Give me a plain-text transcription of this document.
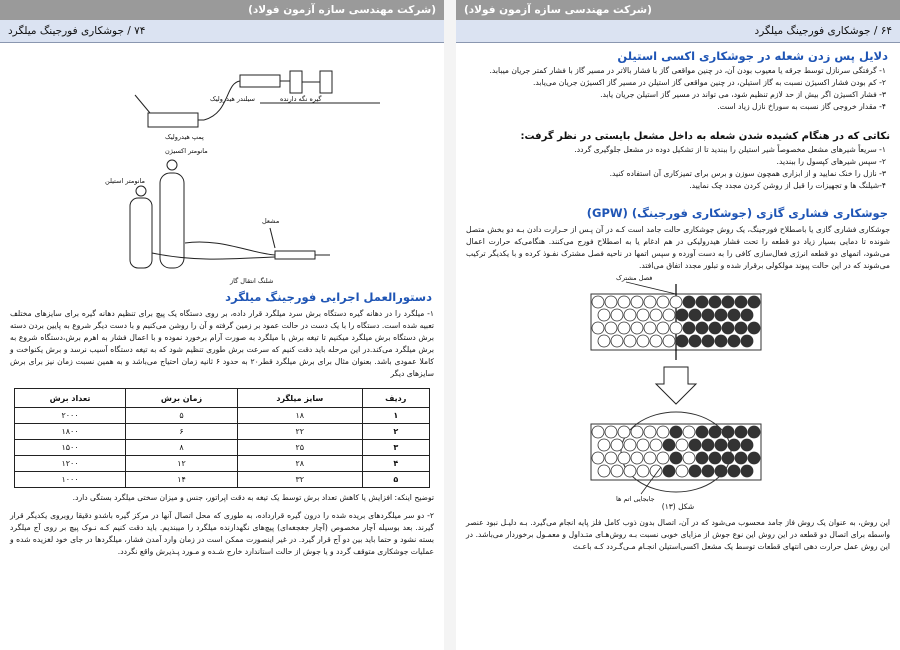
(شرکت مهندسی سازه آزمون فولاد)
۷۴ / جوشکاری فورجینگ میلگرد
پمپ هیدرولیک
سیلندر هیدرولیک	گیره نگه دارنده
مانومتر اکسیژن
مانومتر استیلن
مشعل
شلنگ انتقال گاز
دستورالعمل اجرایی فورجینگ میلگرد
۱- میلگرد را در دهانه گیره دستگاه برش سرد میلگرد قرار داده، بر روی دستگاه یک پیچ برای تنظیم دهانه گیره برای سایزهای مختلف تعبیه شده است. دستگاه را با یک دست در حالت عمود بر زمین گرفته و آن را روشن می‌کنیم و با دست دیگر شروع به پایین بردن دسته برش دستگاه برش میلگرد میکنیم تا تیغه برش با میلگرد به صورت آرام برخورد نموده و با اعمال فشار به اهرم برش،دستگاه شروع به برش میلگرد می‌کند.در این مرحله باید دقت کنیم که سرعت برش طوری تنظیم شود که به تیغه دستگاه آسیب نرسد و برش یکنواخت و کاملا عمودی باشد. بعنوان مثال برای برش میلگرد قطر۲۰ به حدود ۶ ثانیه زمان احتیاج می‌باشد و به همین نسبت زمان نیز برای برش سایزهای دیگر
ردیف	سایز میلگرد	زمان برش	تعداد برش
۱	۱۸	۵	۲۰۰۰
۲	۲۲	۶	۱۸۰۰
۳	۲۵	۸	۱۵۰۰
۴	۲۸	۱۲	۱۲۰۰
۵	۳۲	۱۴	۱۰۰۰
توضیح اینکه: افزایش یا کاهش تعداد برش توسط یک تیغه به دقت اپراتور، جنس و میزان سختی میلگرد بستگی دارد.
۲- دو سر میلگردهای بریده شده را درون گیره قرارداده، به طوری که محل اتصال آنها در مرکز گیره باشدو دقیقا روبروی یکدیگر قرار گیرند. بعد بوسیله آچار مخصوص (آچار جغجغه‌ای) پیچ‌های نگهدارنده میلگرد را میبندیم. باید دقت کنیم کـه نـوک پیچ بر روی آج میلگرد بسته نشود و حتما باید بین دو آج قرار گیرد. در غیر اینصورت ممکن است در زمان وارد آمدن فشار، میلگردها در جای خود لغزیده شده و عملیات جوشکاری متوقف گردد و یا جوش از حالت استاندارد خارج شـده و مـورد پـذیرش واقع نگردد.
(شرکت مهندسی سازه آزمون فولاد)
۶۴ / جوشکاری فورجینگ میلگرد
دلایل پس زدن شعله در جوشکاری اکسی استیلن
۱- گرفتگی سرنازل توسط جرقه یا معیوب بودن آن، در چنین مواقعی گاز با فشار بالاتر در مسیر گاز با فشار کمتر جریان میبابد.
۲- کم بودن فشار اکسیژن نسبت به گاز استیلن، در چنین مواقعی گاز استیلن در مسیر گاز اکسیژن جریان می‌یابد.
۳- فشار اکسیژن اگر بیش از حد لازم تنظیم شود، می تواند در مسیر گاز استیلن جریان یابد.
۴- مقدار خروجی گاز نسبت به سوراخ نازل زیاد است.
نکاتی که در هنگام کشیده شدن شعله به داخل مشعل بایستی در نظر گرفت:
۱- سریعاً شیرهای مشعل مخصوصاً شیر استیلن را ببندید تا از تشکیل دوده در مشعل جلوگیری گردد.
۲- سپس شیرهای کپسول را ببندید.
۳- نازل را خنک نمایید و از ابزاری همچون سوزن و برس برای تمیزکاری آن استفاده کنید.
۴-شیلنگ ها و تجهیزات را قبل از روشن کردن مجدد چک نمایید.
جوشکاری فشاری گازی (جوشکاری فورجینگ) (GPW)
جوشکاری فشاری گازی یا باصطلاح فورجینگ، یک روش جوشکاری حالت جامد است کـه در آن پـس از حـرارت دادن بـه دو بخش متصل شونده تا دمایی بسیار زیاد دو قطعه را تحت فشار هیدرولیکی در هم ادغام یا به اصطلاح فورج می‌کنند. هنگامی‌که حرارت اعمال می‌شود، اتمهای دو قطعه انرژی فعال‌سازی کافی را به دست آورده و سپس اتمها در ناحیه فصل مشترک نفـوذ کرده و با یکدیگر ترکیب می‌شوند که در این حالت پیوند مولکولی برقرار شده و تبلور مجدد اتفاق می‌افتد.
فصل مشترک
جابجایی اتم ها
شکل (۱۳)
این روش، به عنوان یک روش فاز جامد محسوب می‌شود که در آن، اتصال بدون ذوب کامل فلز پایه انجام می‌گیرد. بـه دلیـل نبود عنصر واسطه برای اتصال دو قطعه در این روش این نوع جوش از مزایای خوبی نسبت بـه روش‌هـای متـداول و معمـول برخوردار می‌باشد. در این روش عمل حرارت دهی انتهای قطعات توسط یک مشعل اکسی‌استیلن انجـام مـی‌گـردد کـه باعـث
